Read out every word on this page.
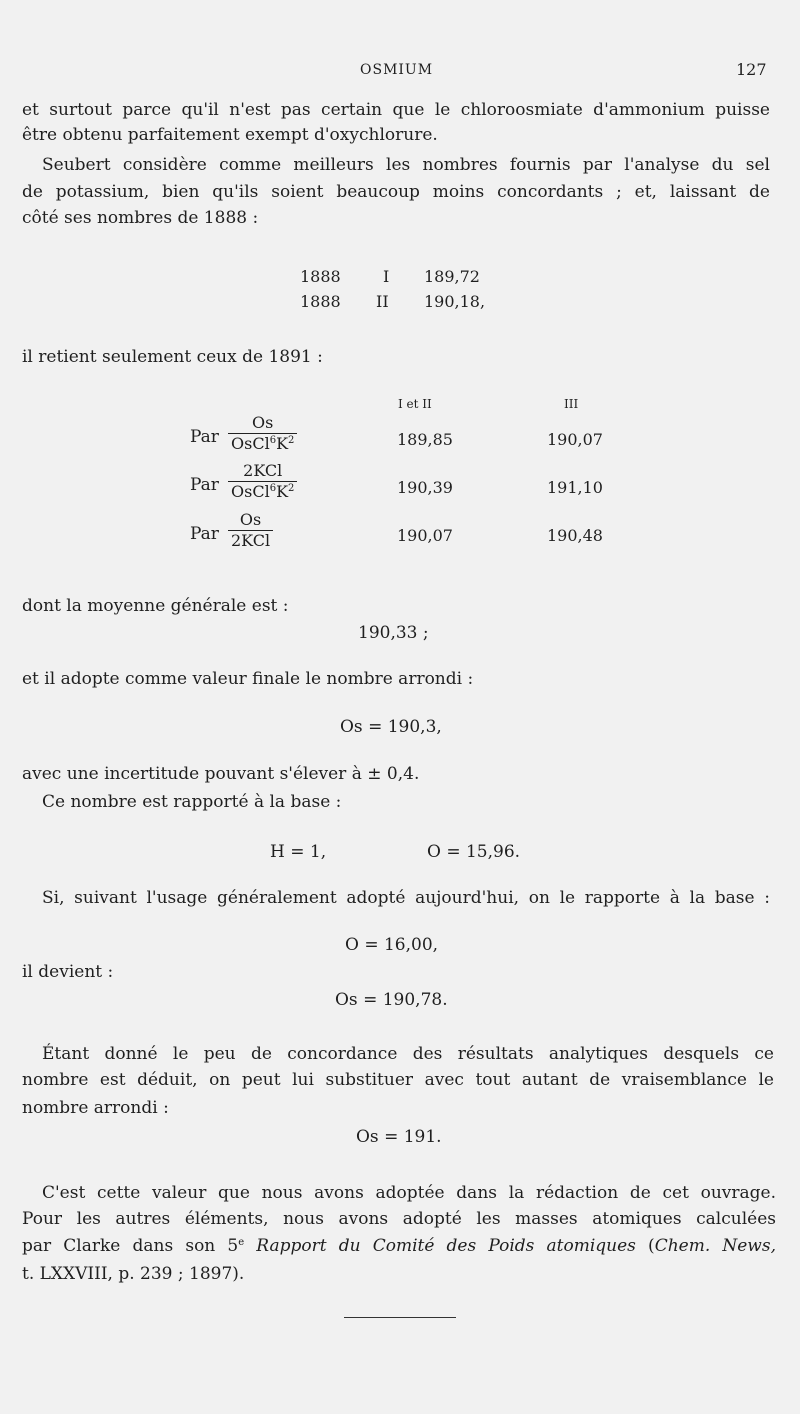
OSMIUM	127
et surtout parce qu'il n'est pas certain que le chloroosmiate d'ammonium puisse
être obtenu parfaitement exempt d'oxychlorure.
Seubert considère comme meilleurs les nombres fournis par l'analyse du sel
de potassium, bien qu'ils soient beaucoup moins concordants ; et, laissant de
côté ses nombres de 1888 :
1888	I 189,72
1888 II 190,18,
il retient seulement ceux de 1891 :
I et II	III
Par $\frac{Os}{OsCl^6K^2}$	189,85	190,07
Par $\frac{\text{2KCl}}{OsCl^6K^2}$	190,39	191,10
Par $\frac{Os}{\text{2KCl}}$	190,07	190,48
dont la moyenne générale est :
190,33 ;
et il adopte comme valeur finale le nombre arrondi :
Os = 190,3,
avec une incertitude pouvant s'élever à ± 0,4.
Ce nombre est rapporté à la base :
H = 1,	O = 15,96.
Si, suivant l'usage généralement adopté aujourd'hui, on le rapporte à la base :
O = 16,00,
il devient :
Os = 190,78.
Étant donné le peu de concordance des résultats analytiques desquels ce
nombre est déduit, on peut lui substituer avec tout autant de vraisemblance le
nombre arrondi :
Os = 191.
C'est cette valeur que nous avons adoptée dans la rédaction de cet ouvrage.
Pour les autres éléments, nous avons adopté les masses atomiques calculées
par Clarke dans son 5e Rapport du Comité des Poids atomiques (Chem. News,
t. LXXVIII, p. 239 ; 1897).
